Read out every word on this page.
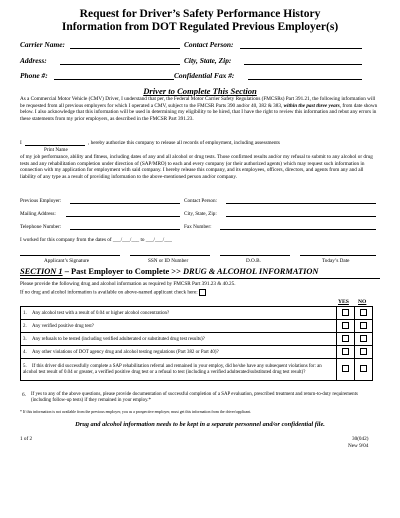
Request for Driver’s Safety Performance History
Information from DOT Regulated Previous Employer(s)
Carrier Name:	Contact Person:
Address:	City, State, Zip:
Phone #:	Confidential Fax #:
Driver to Complete This Section
As a Commercial Motor Vehicle (CMV) Driver, I understand that per, the Federal Motor Carrier Safety Regulations (FMCSRs) Part 391.21, the following information will be requested from all previous employers for which I operated a CMV, subject to the FMCSR Parts 390 and/or 40, 382 & 383, within the past three years, from date shown below. I also acknowledge that this information will be used in determining my eligibility to be hired, that I have the right to review this information and rebut any errors in these statements from my prior employers, as described in the FMCSR Part 391.23.
I	, hereby authorize this company to release all records of employment, including assessments
Print Name
of my job performance, ability and fitness, including dates of any and all alcohol or drug tests. Those confirmed results and/or my refusal to submit to any alcohol or drug tests and any rehabilitation completion under direction of (SAP/MRO) to each and every company (or their authorized agents) which may request such information in connection with my application for employment with said company. I hereby release this company, and its employees, officers, directors, and agents from any and all liability of any type as a result of providing information to the above-mentioned person and/or company.
Previous Employer:	Contact Person:
Mailing Address:	City, State, Zip:
Telephone Number:	Fax Number:
I worked for this company from the dates of ___/___/___ to ___/___/___
Applicant’s Signature	SSN or ID Number	D.O.B.	Today’s Date
SECTION 1 – Past Employer to Complete >> DRUG & ALCOHOL INFORMATION
Please provide the following drug and alcohol information as required by FMCSR Part 391.23 & 40.25.
If no drug and alcohol information is available on above-named applicant check here:
YES NO
1. Any alcohol test with a result of 0.04 or higher alcohol concentration?		
2. Any verified positive drug test?		
3. Any refusals to be tested (including verified adulterated or substituted drug test results)?		
4. Any other violations of DOT agency drug and alcohol testing regulations (Part 382 or Part 40)?		
5. If this driver did successfully complete a SAP rehabilitation referral and remained in your employ, did he/she have any subsequent violations for: an alcohol test result of 0.04 or greater, a verified positive drug test or a refusal to test (including a verified adulterated/substituted drug test result)?		
6. If yes to any of the above questions, please provide documentation of successful completion of a SAP evaluation, prescribed treatment and return-to-duty requirements (including follow-up tests) if they remained in your employ.*
* If this information is not available from the previous employer, you as a prospective employer, must get this information from the driver/applicant.
Drug and alcohol information needs to be kept in a separate personnel and/or confidential file.
1 of 2	30(042)
New 9/04
